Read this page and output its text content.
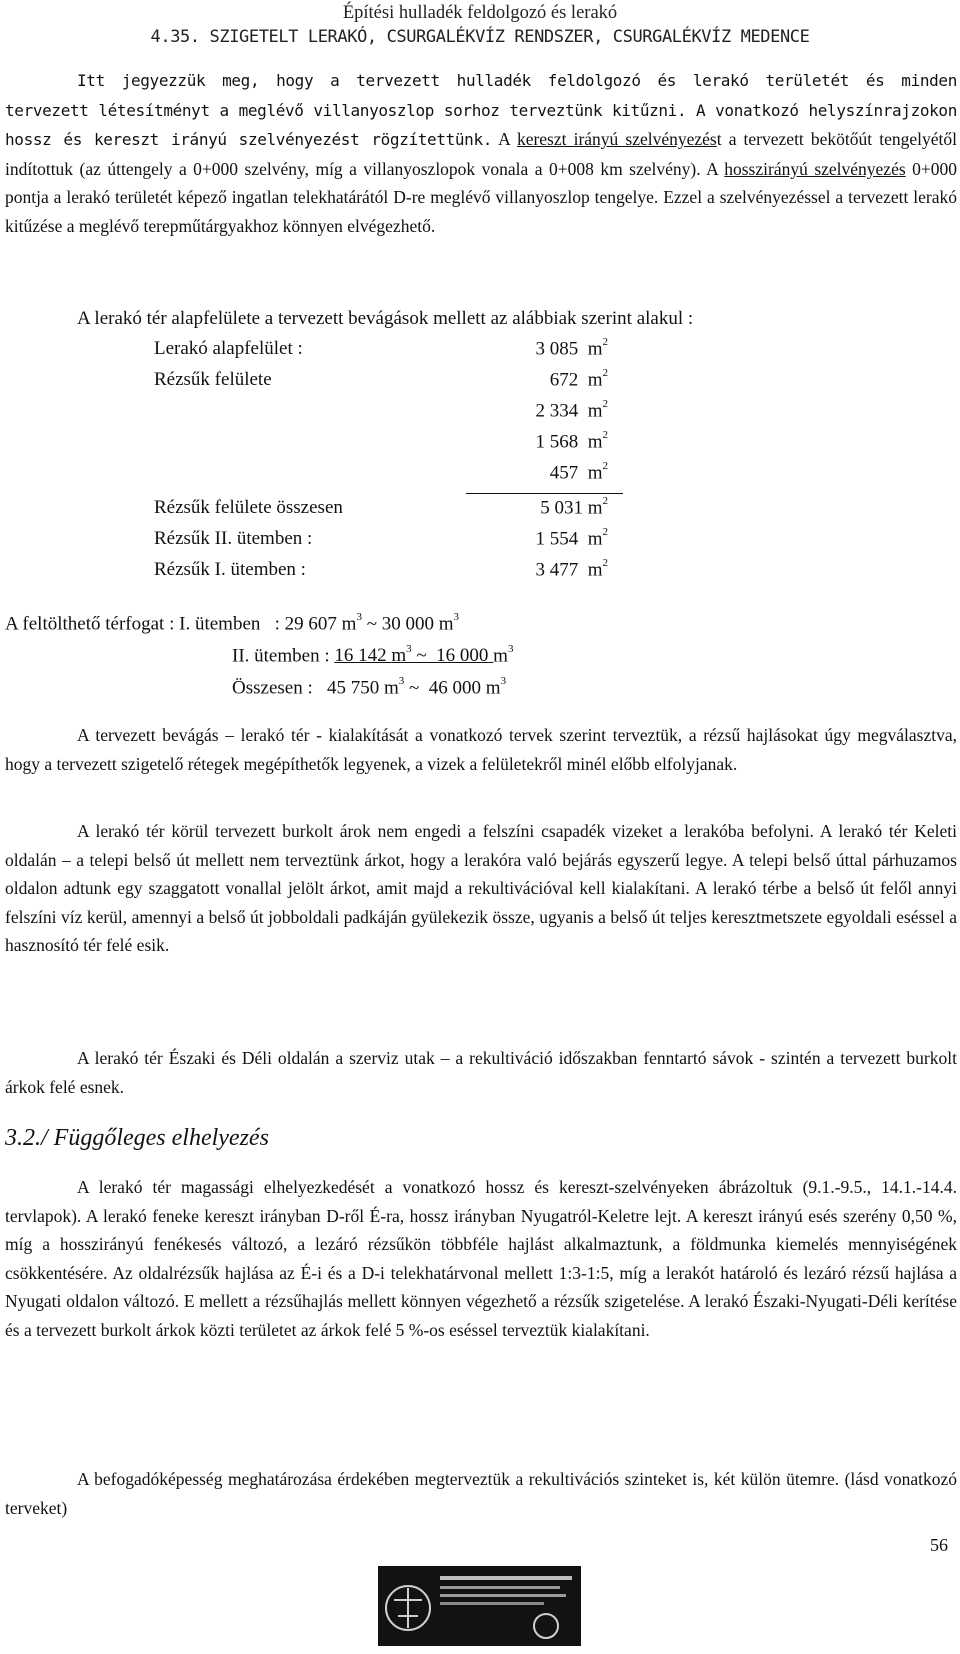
Építési hulladék feldolgozó és lerakó
4.35. SZIGETELT LERAKÓ, CSURGALÉKVÍZ RENDSZER, CSURGALÉKVÍZ MEDENCE
Itt jegyezzük meg, hogy a tervezett hulladék feldolgozó és lerakó területét és minden tervezett létesítményt a meglévő villanyoszlop sorhoz terveztünk kitűzni. A vonatkozó helyszínrajzokon hossz és kereszt irányú szelvényezést rögzítettünk. A kereszt irányú szelvényezést a tervezett bekötőút tengelyétől indítottuk (az úttengely a 0+000 szelvény, míg a villanyoszlopok vonala a 0+008 km szelvény). A hosszirányú szelvényezés 0+000 pontja a lerakó területét képező ingatlan telekhatárától D-re meglévő villanyoszlop tengelye. Ezzel a szelvényezéssel a tervezett lerakó kitűzése a meglévő terepműtárgyakhoz könnyen elvégezhető.
A lerakó tér alapfelülete a tervezett bevágások mellett az alábbiak szerint alakul :
Lerakó alapfelület :	3 085 $m^2$
Rézsűk felülete	672 $m^2$
2 334 $m^2$
1 568 $m^2$
457 $m^2$
Rézsűk felülete összesen	5 031 $m^2$
Rézsűk II. ütemben :	1 554 $m^2$
Rézsűk I. ütemben :	3 477 $m^2$
A feltölthető térfogat : I. ütemben   : 29 607 $m^3$ ~ 30 000 $m^3$
II. ütemben : 16 142 $m^3$ ~  16 000 $m^3$
Összesen : 45 750 $m^3$ ~  46 000 $m^3$
A tervezett bevágás – lerakó tér - kialakítását a vonatkozó tervek szerint terveztük, a rézsű hajlásokat úgy megválasztva, hogy a tervezett szigetelő rétegek megépíthetők legyenek, a vizek a felületekről minél előbb elfolyjanak.
A lerakó tér körül tervezett burkolt árok nem engedi a felszíni csapadék vizeket a lerakóba befolyni. A lerakó tér Keleti oldalán – a telepi belső út mellett nem terveztünk árkot, hogy a lerakóra való bejárás egyszerű legye. A telepi belső úttal párhuzamos oldalon adtunk egy szaggatott vonallal jelölt árkot, amit majd a rekultivációval kell kialakítani. A lerakó térbe a belső út felől annyi felszíni víz kerül, amennyi a belső út jobboldali padkáján gyülekezik össze, ugyanis a belső út teljes keresztmetszete egyoldali eséssel a hasznosító tér felé esik.
A lerakó tér Északi és Déli oldalán a szerviz utak – a rekultiváció időszakban fenntartó sávok - szintén a tervezett burkolt árkok felé esnek.
3.2./ Függőleges elhelyezés
A lerakó tér magassági elhelyezkedését a vonatkozó hossz és kereszt-szelvényeken ábrázoltuk (9.1.-9.5., 14.1.-14.4. tervlapok). A lerakó feneke kereszt irányban D-ről É-ra, hossz irányban Nyugatról-Keletre lejt. A kereszt irányú esés szerény 0,50 %, míg a hosszirányú fenékesés változó, a lezáró rézsűkön többféle hajlást alkalmaztunk, a földmunka kiemelés mennyiségének csökkentésére. Az oldalrézsűk hajlása az É-i és a D-i telekhatárvonal mellett 1:3-1:5, míg a lerakót határoló és lezáró rézsű hajlása a Nyugati oldalon változó. E mellett a rézsűhajlás mellett könnyen végezhető a rézsűk szigetelése. A lerakó Északi-Nyugati-Déli kerítése és a tervezett burkolt árkok közti területet az árkok felé 5 %-os eséssel terveztük kialakítani.
A befogadóképesség meghatározása érdekében megterveztük a rekultivációs szinteket is, két külön ütemre. (lásd vonatkozó terveket)
56
